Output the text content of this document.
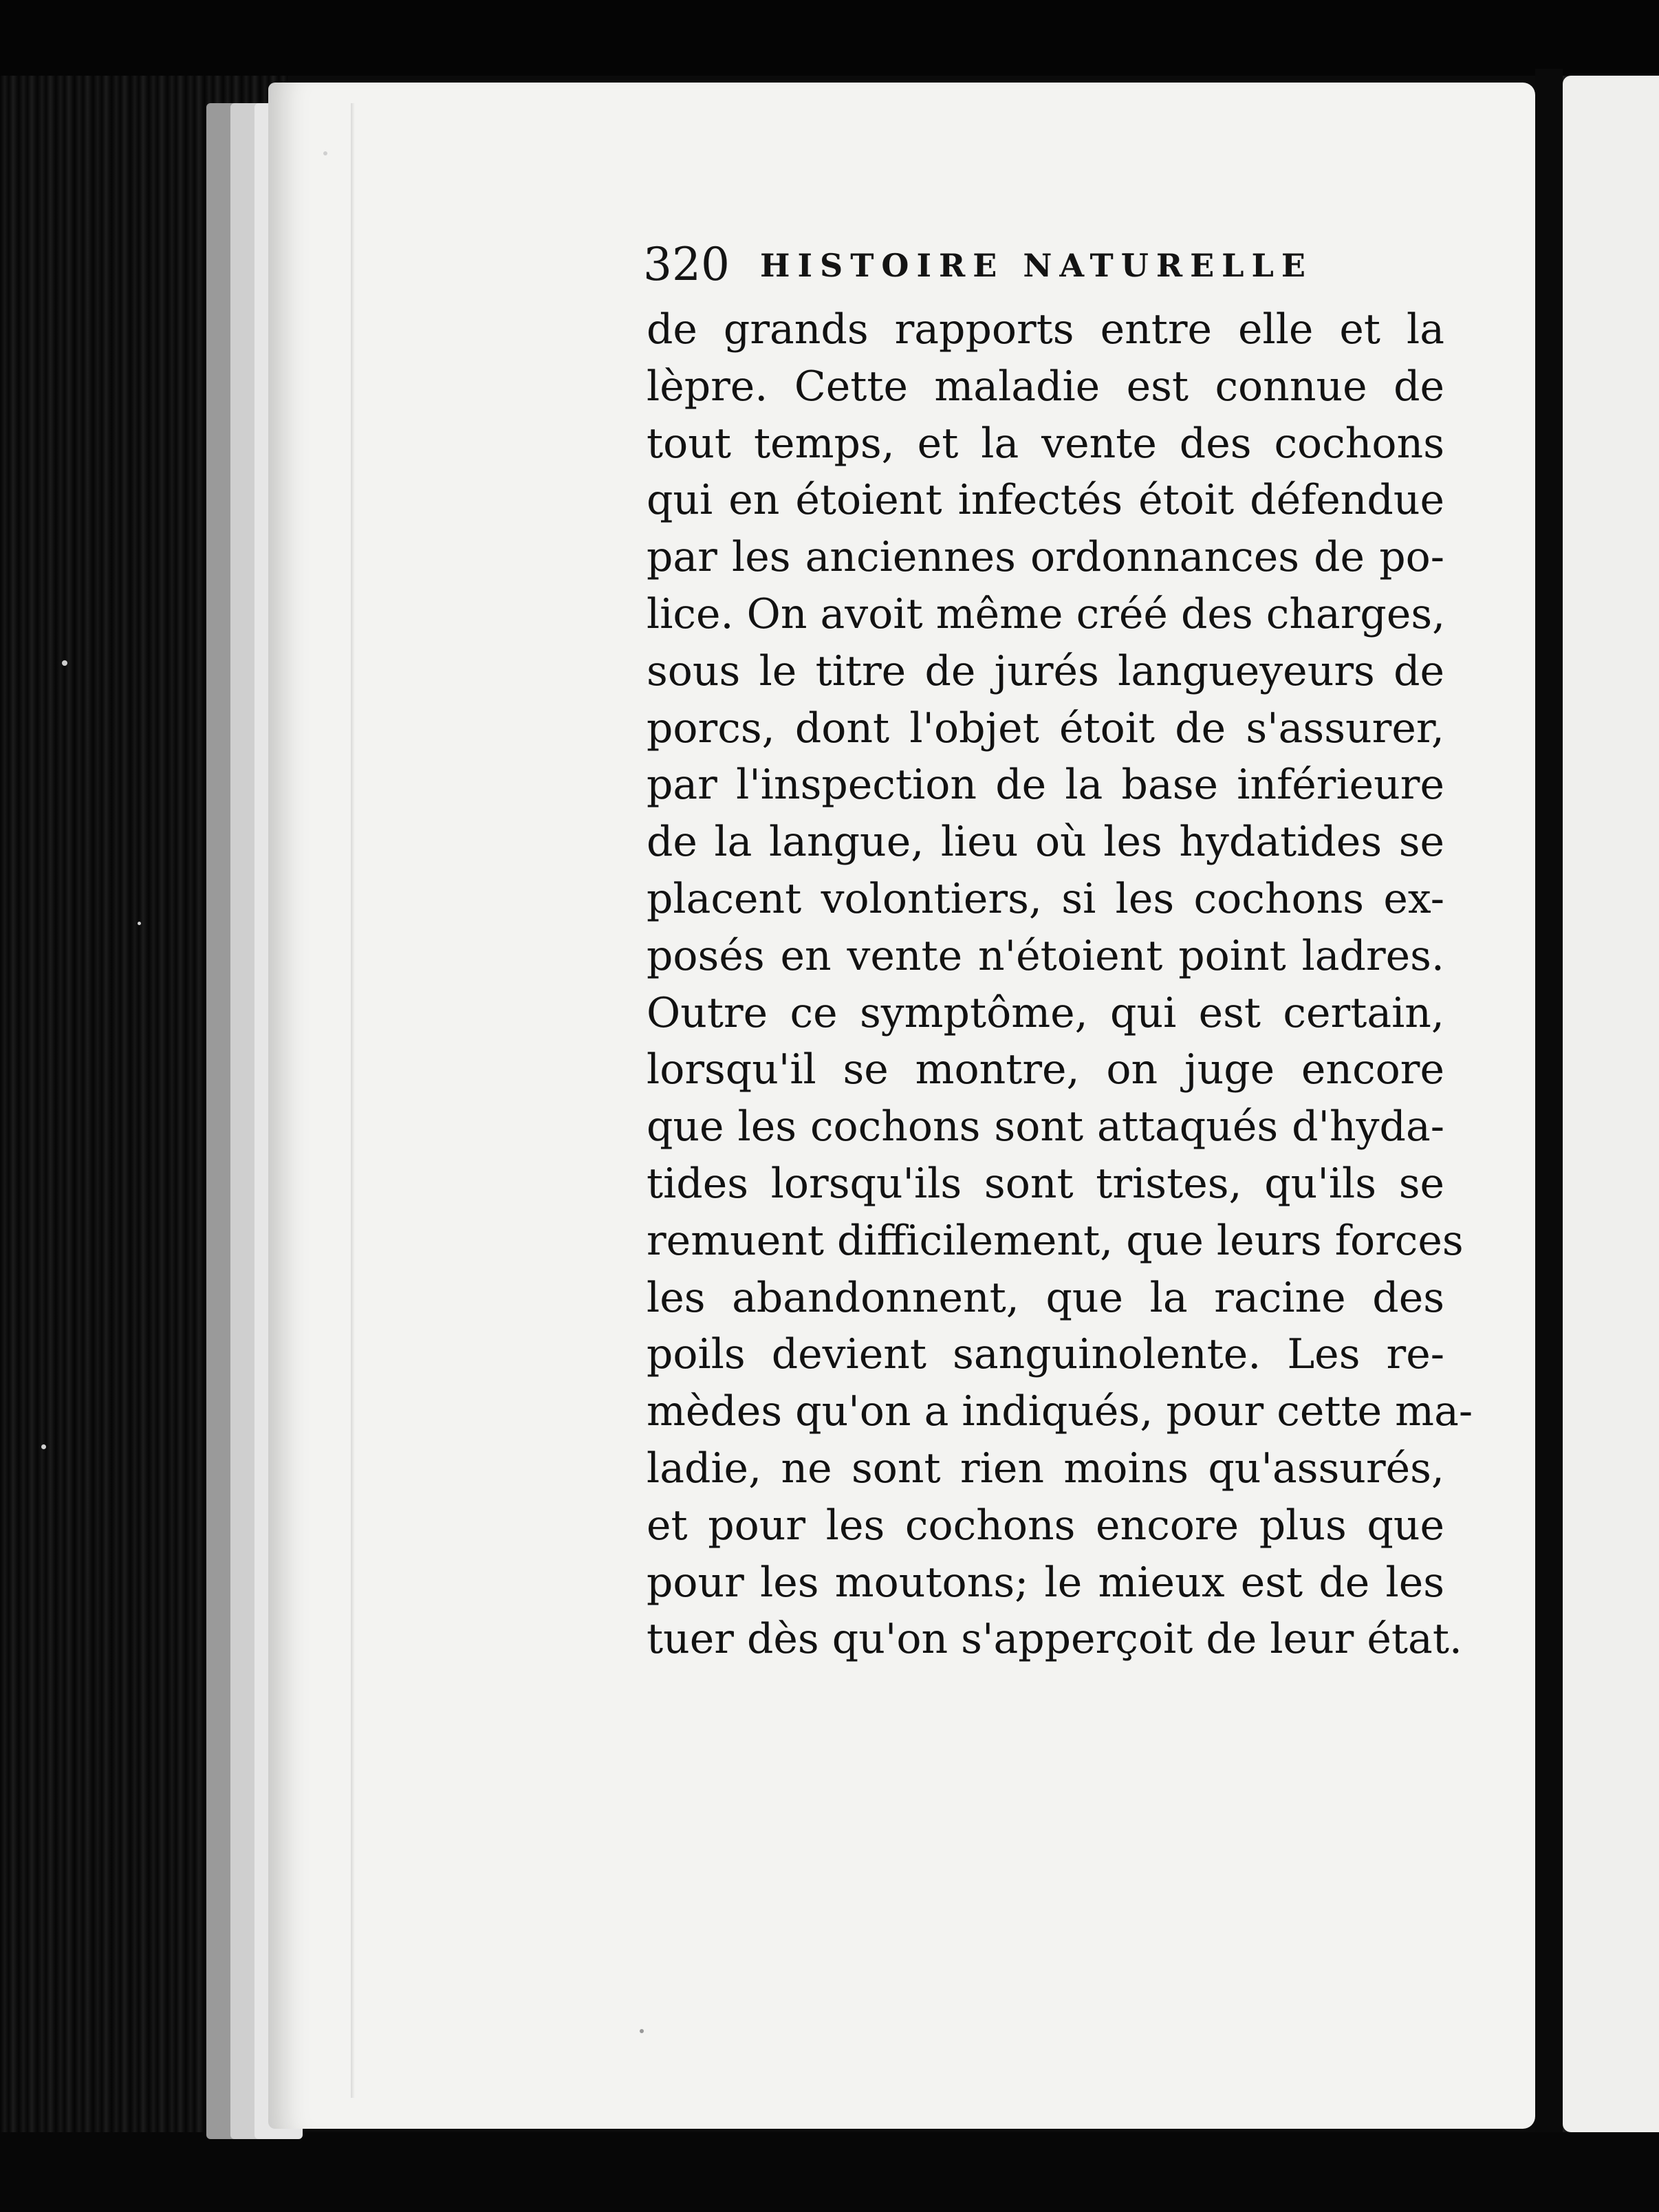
320 HISTOIRE NATURELLE
de grands rapports entre elle et la
lèpre. Cette maladie est connue de
tout temps, et la vente des cochons
qui en étoient infectés étoit défendue
par les anciennes ordonnances de po-
lice. On avoit même créé des charges,
sous le titre de jurés langueyeurs de
porcs, dont l'objet étoit de s'assurer,
par l'inspection de la base inférieure
de la langue, lieu où les hydatides se
placent volontiers, si les cochons ex-
posés en vente n'étoient point ladres.
Outre ce symptôme, qui est certain,
lorsqu'il se montre, on juge encore
que les cochons sont attaqués d'hyda-
tides lorsqu'ils sont tristes, qu'ils se
remuent difficilement, que leurs forces
les abandonnent, que la racine des
poils devient sanguinolente. Les re-
mèdes qu'on a indiqués, pour cette ma-
ladie, ne sont rien moins qu'assurés,
et pour les cochons encore plus que
pour les moutons; le mieux est de les
tuer dès qu'on s'apperçoit de leur état.
